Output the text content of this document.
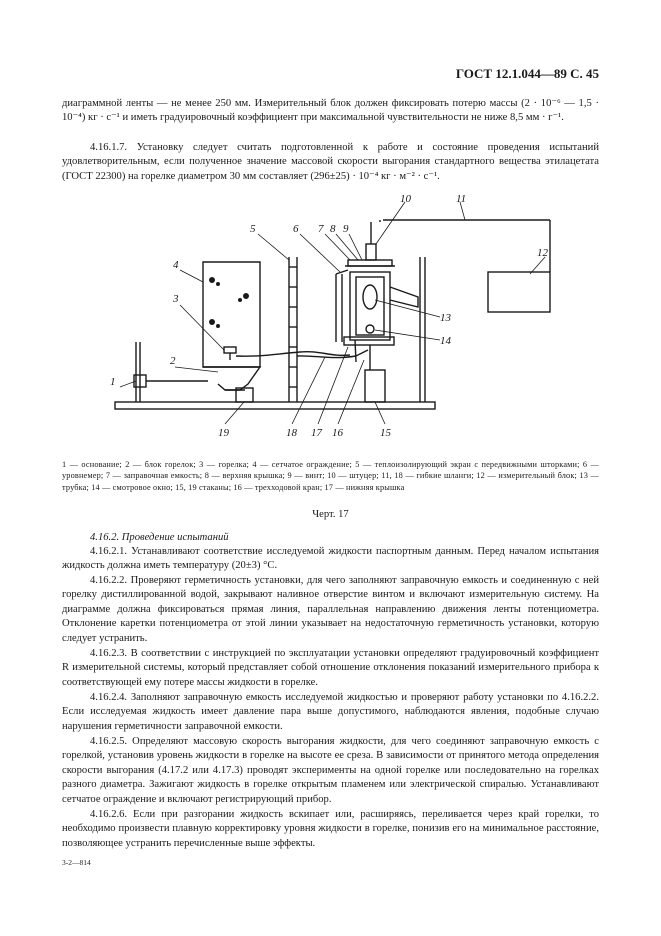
ГОСТ 12.1.044—89 С. 45
диаграммной ленты — не менее 250 мм. Измерительный блок должен фиксировать потерю массы (2 · 10⁻⁶ — 1,5 · 10⁻⁴) кг · с⁻¹ и иметь градуировочный коэффициент при максимальной чувствительности не ниже 8,5 мм · г⁻¹.
4.16.1.7. Установку следует считать подготовленной к работе и состояние проведения испытаний удовлетворительным, если полученное значение массовой скорости выгорания стандартного вещества этилацетата (ГОСТ 22300) на горелке диаметром 30 мм составляет (296±25) · 10⁻⁴ кг · м⁻² · с⁻¹.
1
2
3
4
5	6 7 8 9
10	11
12
13
14
15
16
17
18
19
1 — основание; 2 — блок горелок; 3 — горелка; 4 — сетчатое ограждение; 5 — теплоизолирующий экран с передвижными шторками; 6 — уровнемер; 7 — заправочная емкость; 8 — верхняя крышка; 9 — винт; 10 — штуцер; 11, 18 — гибкие шланги; 12 — измерительный блок; 13 — трубка; 14 — смотровое окно; 15, 19 стаканы; 16 — трехходовой кран; 17 — нижняя крышка
Черт. 17
4.16.2. Проведение испытаний
4.16.2.1. Устанавливают соответствие исследуемой жидкости паспортным данным. Перед началом испытания жидкость должна иметь температуру (20±3) °С.
4.16.2.2. Проверяют герметичность установки, для чего заполняют заправочную емкость и соединенную с ней горелку дистиллированной водой, закрывают наливное отверстие винтом и включают измерительную систему. На диаграмме должна фиксироваться прямая линия, параллельная направлению движения ленты потенциометра. Отклонение каретки потенциометра от этой линии указывает на недостаточную герметичность установки, которую следует устранить.
4.16.2.3. В соответствии с инструкцией по эксплуатации установки определяют градуировочный коэффициент R измерительной системы, который представляет собой отношение отклонения показаний измерительного прибора к соответствующей ему потере массы жидкости в горелке.
4.16.2.4. Заполняют заправочную емкость исследуемой жидкостью и проверяют работу установки по 4.16.2.2. Если исследуемая жидкость имеет давление пара выше допустимого, наблюдаются явления, подобные случаю нарушения герметичности заправочной емкости.
4.16.2.5. Определяют массовую скорость выгорания жидкости, для чего соединяют заправочную емкость с горелкой, установив уровень жидкости в горелке на высоте ее среза. В зависимости от принятого метода определения скорости выгорания (4.17.2 или 4.17.3) проводят эксперименты на одной горелке или последовательно на горелках разного диаметра. Зажигают жидкость в горелке открытым пламенем или электрической спиралью. Устанавливают сетчатое ограждение и включают регистрирующий прибор.
4.16.2.6. Если при разгорании жидкость вскипает или, расширяясь, переливается через край горелки, то необходимо произвести плавную корректировку уровня жидкости в горелке, понизив его на минимальное расстояние, позволяющее устранить перечисленные выше эффекты.
3-2—814
